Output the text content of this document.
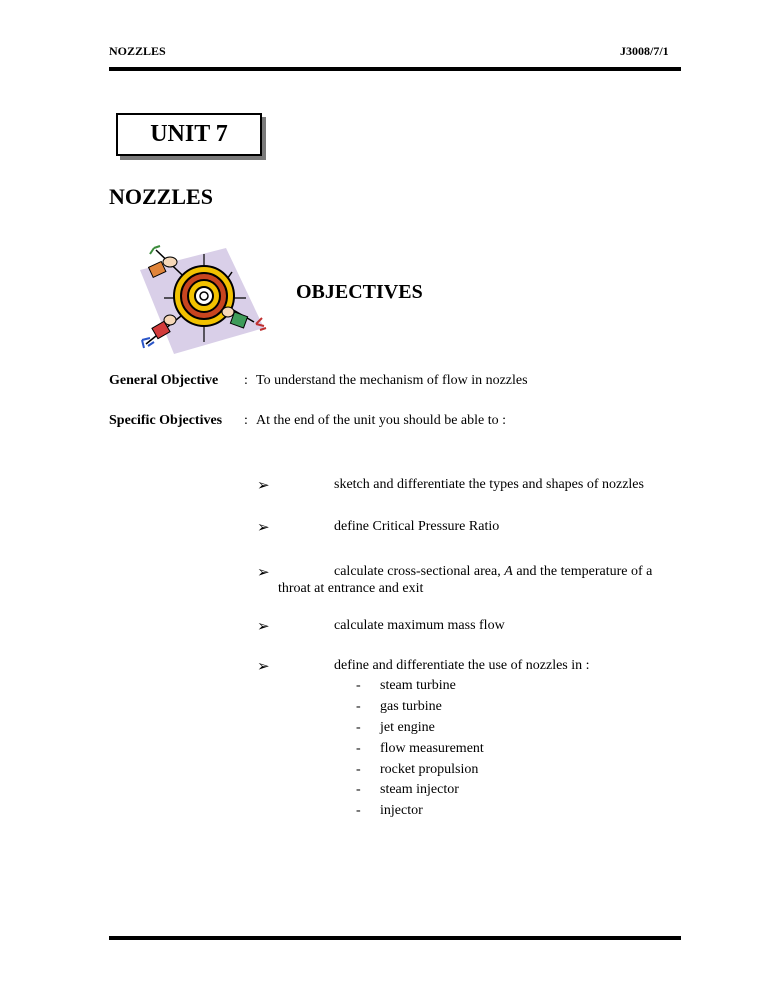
NOZZLES	J3008/7/1
UNIT 7
NOZZLES
OBJECTIVES
General Objective : To understand the mechanism of flow in nozzles
Specific Objectives : At the end of the unit you should be able to :
➢	sketch and differentiate the types and shapes of nozzles
➢	define Critical Pressure Ratio
➢	calculate cross-sectional area, A and the temperature of a
throat at entrance and exit
➢	calculate maximum mass flow
➢	define and differentiate the use of nozzles in :
- steam turbine
- gas turbine
- jet engine
- flow measurement
- rocket propulsion
- steam injector
- injector
